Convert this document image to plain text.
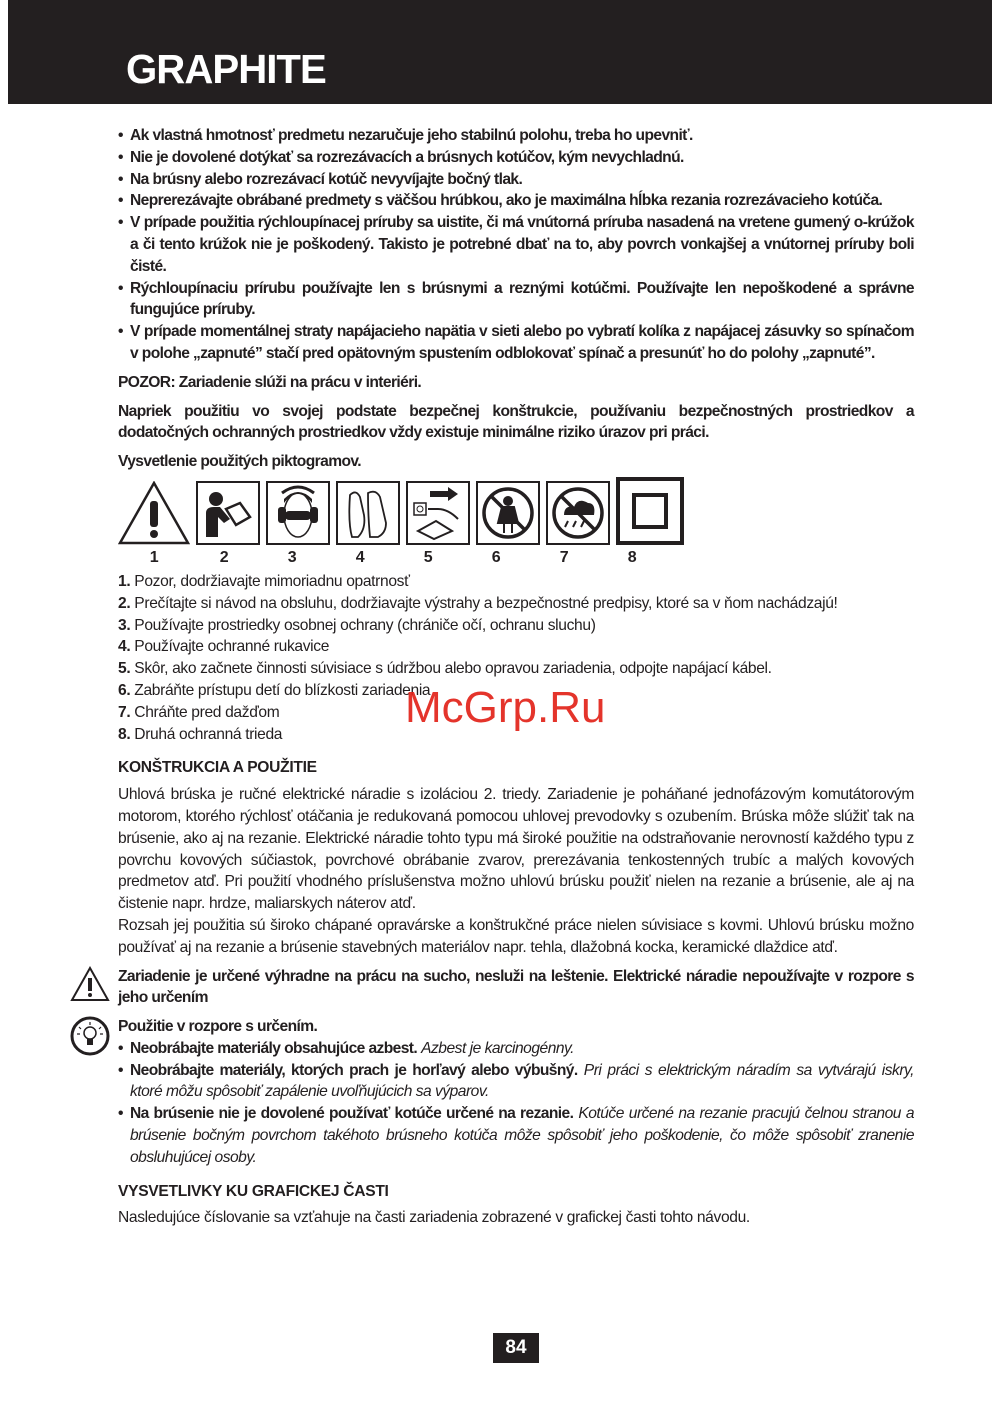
GRAPHITE
• Ak vlastná hmotnosť predmetu nezaručuje jeho stabilnú polohu, treba ho upevniť.
• Nie je dovolené dotýkať sa rozrezávacích a brúsnych kotúčov, kým nevychladnú.
• Na brúsny alebo rozrezávací kotúč nevyvíjajte bočný tlak.
• Neprerezávajte obrábané predmety s väčšou hrúbkou, ako je maximálna hĺbka rezania rozrezávacieho kotúča.
• V prípade použitia rýchloupínacej príruby sa uistite, či má vnútorná príruba nasadená na vretene gumený o-krúžok a či tento krúžok nie je poškodený. Takisto je potrebné dbať na to, aby povrch vonkajšej a vnútornej príruby boli čisté.
• Rýchloupínaciu prírubu používajte len s brúsnymi a reznými kotúčmi. Používajte len nepoškodené a správne fungujúce príruby.
• V prípade momentálnej straty napájacieho napätia v sieti alebo po vybratí kolíka z napájacej zásuvky so spínačom v polohe „zapnuté” stačí pred opätovným spustením odblokovať spínač a presunúť ho do polohy „zapnuté”.

POZOR: Zariadenie slúži na prácu v interiéri.

Napriek použitiu vo svojej podstate bezpečnej konštrukcie, používaniu bezpečnostných prostriedkov a dodatočných ochranných prostriedkov vždy existuje minimálne riziko úrazov pri práci.

Vysvetlenie použitých piktogramov.

1	2	3	4	5	6	7	8
1. Pozor, dodržiavajte mimoriadnu opatrnosť
2. Prečítajte si návod na obsluhu, dodržiavajte výstrahy a bezpečnostné predpisy, ktoré sa v ňom nachádzajú!
3. Používajte prostriedky osobnej ochrany (chrániče očí, ochranu sluchu)
4. Používajte ochranné rukavice
5. Skôr, ako začnete činnosti súvisiace s údržbou alebo opravou zariadenia, odpojte napájací kábel.
6. Zabráňte prístupu detí do blízkosti zariadenia
7. Chráňte pred dažďom
8. Druhá ochranná trieda
KONŠTRUKCIA A POUŽITIE

Uhlová brúska je ručné elektrické náradie s izoláciou 2. triedy. Zariadenie je poháňané jednofázovým komutátorovým motorom, ktorého rýchlosť otáčania je redukovaná pomocou uhlovej prevodovky s ozubením. Brúska môže slúžiť tak na brúsenie, ako aj na rezanie. Elektrické náradie tohto typu má široké použitie na odstraňovanie nerovností každého typu z povrchu kovových súčiastok, povrchové obrábanie zvarov, prerezávania tenkostenných trubíc a malých kovových predmetov atď. Pri použití vhodného príslušenstva možno uhlovú brúsku použiť nielen na rezanie a brúsenie, ale aj na čistenie napr. hrdze, maliarskych náterov atď.

Rozsah jej použitia sú široko chápané opravárske a konštrukčné práce nielen súvisiace s kovmi. Uhlovú brúsku možno používať aj na rezanie a brúsenie stavebných materiálov napr. tehla, dlažobná kocka, keramické dlaždice atď.

Zariadenie je určené výhradne na prácu na sucho, nesluži na leštenie. Elektrické náradie nepoužívajte v rozpore s jeho určením

Použitie v rozpore s určením.

• Neobrábajte materiály obsahujúce azbest. Azbest je karcinogénny.
• Neobrábajte materiály, ktorých prach je horľavý alebo výbušný. Pri práci s elektrickým náradím sa vytvárajú iskry, ktoré môžu spôsobiť zapálenie uvoľňujúcich sa výparov.
• Na brúsenie nie je dovolené používať kotúče určené na rezanie. Kotúče určené na rezanie pracujú čelnou stranou a brúsenie bočným povrchom takéhoto brúsneho kotúča môže spôsobiť jeho poškodenie, čo môže spôsobiť zranenie obsluhujúcej osoby.
VYSVETLIVKY KU GRAFICKEJ ČASTI

Nasledujúce číslovanie sa vzťahuje na časti zariadenia zobrazené v grafickej časti tohto návodu.

McGrp.Ru
84
